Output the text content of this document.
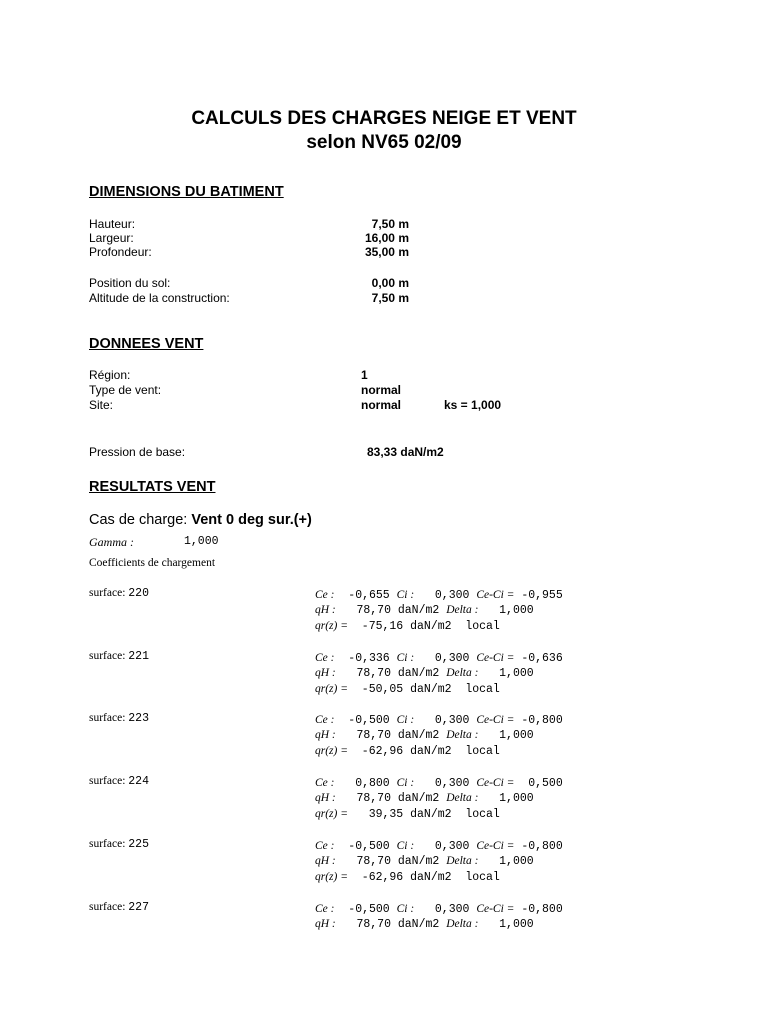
CALCULS DES CHARGES NEIGE ET VENT
selon NV65 02/09
DIMENSIONS DU BATIMENT
Hauteur:	7,50 m
Largeur:	16,00 m
Profondeur:	35,00 m
Position du sol:	0,00 m
Altitude de la construction:	7,50 m
DONNEES VENT
Région:	1
Type de vent:	normal
Site:	normal	ks = 1,000
Pression de base:	83,33 daN/m2
RESULTATS VENT
Cas de charge: Vent 0 deg sur.(+)
Gamma :	1,000
Coefficients de chargement
surface: 220	Ce :  -0,655 Ci :   0,300 Ce-Ci = -0,955
qH :   78,70 daN/m2 Delta :   1,000
qr(z) =  -75,16 daN/m2  local
surface: 221	Ce :  -0,336 Ci :   0,300 Ce-Ci = -0,636
qH :   78,70 daN/m2 Delta :   1,000
qr(z) =  -50,05 daN/m2  local
surface: 223	Ce :  -0,500 Ci :   0,300 Ce-Ci = -0,800
qH :   78,70 daN/m2 Delta :   1,000
qr(z) =  -62,96 daN/m2  local
surface: 224	Ce :   0,800 Ci :   0,300 Ce-Ci =  0,500
qH :   78,70 daN/m2 Delta :   1,000
qr(z) =   39,35 daN/m2  local
surface: 225	Ce :  -0,500 Ci :   0,300 Ce-Ci = -0,800
qH :   78,70 daN/m2 Delta :   1,000
qr(z) =  -62,96 daN/m2  local
surface: 227	Ce :  -0,500 Ci :   0,300 Ce-Ci = -0,800
qH :   78,70 daN/m2 Delta :   1,000
